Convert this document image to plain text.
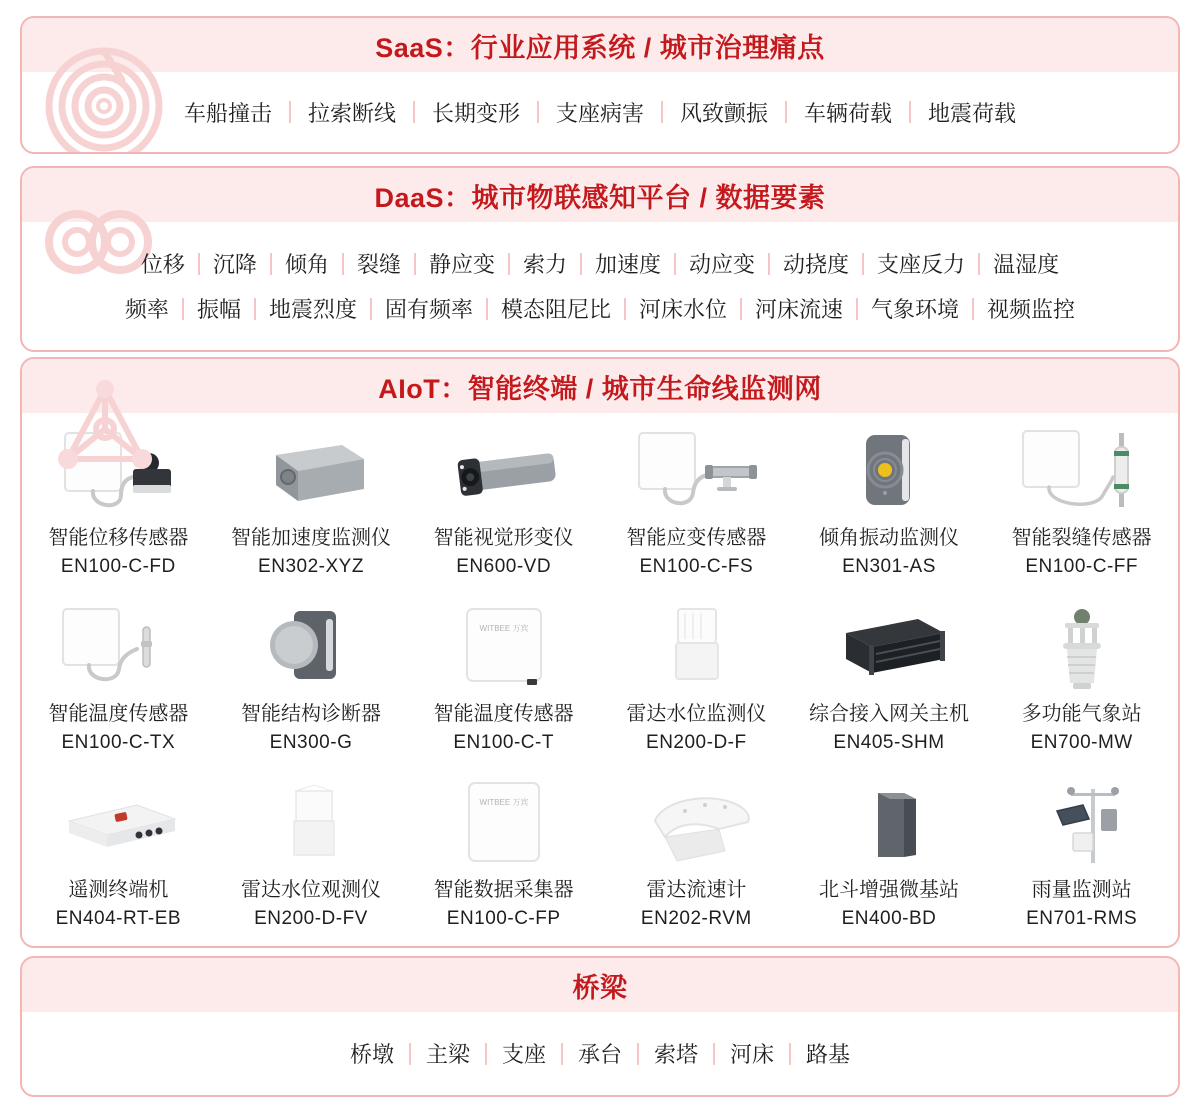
SaaS：行业应用系统 / 城市治理痛点
车船撞击	拉索断线	长期变形	支座病害	风致颤振	车辆荷载	地震荷载
DaaS：城市物联感知平台 / 数据要素
位移	沉降	倾角	裂缝	静应变	索力	加速度	动应变	动挠度	支座反力	温湿度
频率	振幅	地震烈度	固有频率	模态阻尼比	河床水位	河床流速	气象环境	视频监控
AIoT：智能终端 / 城市生命线监测网
智能位移传感器
EN100-C-FD
智能加速度监测仪
EN302-XYZ
智能视觉形变仪
EN600-VD
智能应变传感器
EN100-C-FS
倾角振动监测仪
EN301-AS
智能裂缝传感器
EN100-C-FF
智能温度传感器
EN100-C-TX
智能结构诊断器
EN300-G
WITBEE 万宾
智能温度传感器
EN100-C-T
雷达水位监测仪
EN200-D-F
综合接入网关主机
EN405-SHM
多功能气象站
EN700-MW
遥测终端机
EN404-RT-EB
雷达水位观测仪
EN200-D-FV
WITBEE 万宾
智能数据采集器
EN100-C-FP
雷达流速计
EN202-RVM
北斗增强微基站
EN400-BD
雨量监测站
EN701-RMS
桥梁
桥墩	主梁	支座	承台	索塔	河床	路基
